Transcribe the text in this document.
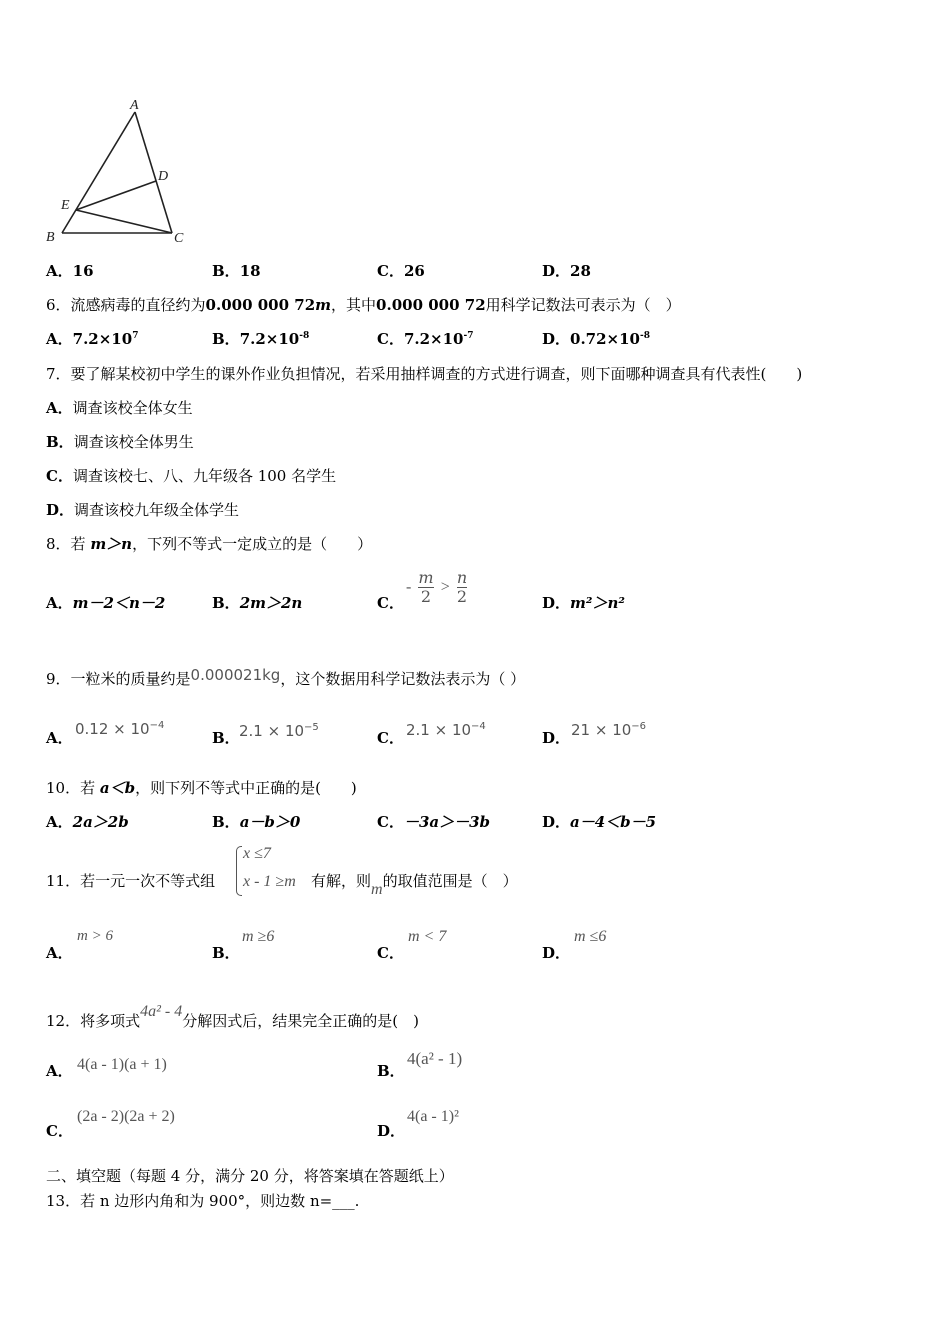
A
D
E
B	C
A．16	B．18	C．26	D．28
6．流感病毒的直径约为0.000 000 72m，其中0.000 000 72用科学记数法可表示为（　）
A．$7.2\times 10^7$	B．$7.2\times 10^{-8}$	C．$7.2\times 10^{-7}$	D．$0.72\times 10^{-8}$
7．要了解某校初中学生的课外作业负担情况，若采用抽样调查的方式进行调查，则下面哪种调查具有代表性(　　)
A．调查该校全体女生
B．调查该校全体男生
C．调查该校七、八、九年级各 100 名学生
D．调查该校九年级全体学生
8．若 m＞n，下列不等式一定成立的是（　　）
A．m－2＜n－2	B．2m＞2n	C．
- $\frac{m}{2} > \frac{n}{2}$	D．m²＞n²
9．一粒米的质量约是0.000021kg，这个数据用科学记数法表示为（ ）
A． $0.12 \times 10^{-4}$
B． $2.1 \times 10^{-5}$
C． $2.1 \times 10^{-4}$
D． $21 \times 10^{-6}$
10．若 a＜b，则下列不等式中正确的是(　　)
A．2a＞2b	B．a－b＞0	C．－3a＞－3b	D．a－4＜b－5
11．若一元一次不等式组
x ≤7
x - 1 ≥m 有解，则m的取值范围是（　）
A．
m > 6
B．
m ≥6
C．
m < 7
D．
m ≤6
12．将多项式4a² - 4分解因式后，结果完全正确的是(　)
A． 4(a - 1)(a + 1)	B．
4(a² - 1)
C．
(2a - 2)(2a + 2)
D．
4(a - 1)²
二、填空题（每题 4 分，满分 20 分，将答案填在答题纸上）
13．若 n 边形内角和为 900°，则边数 n=___.
